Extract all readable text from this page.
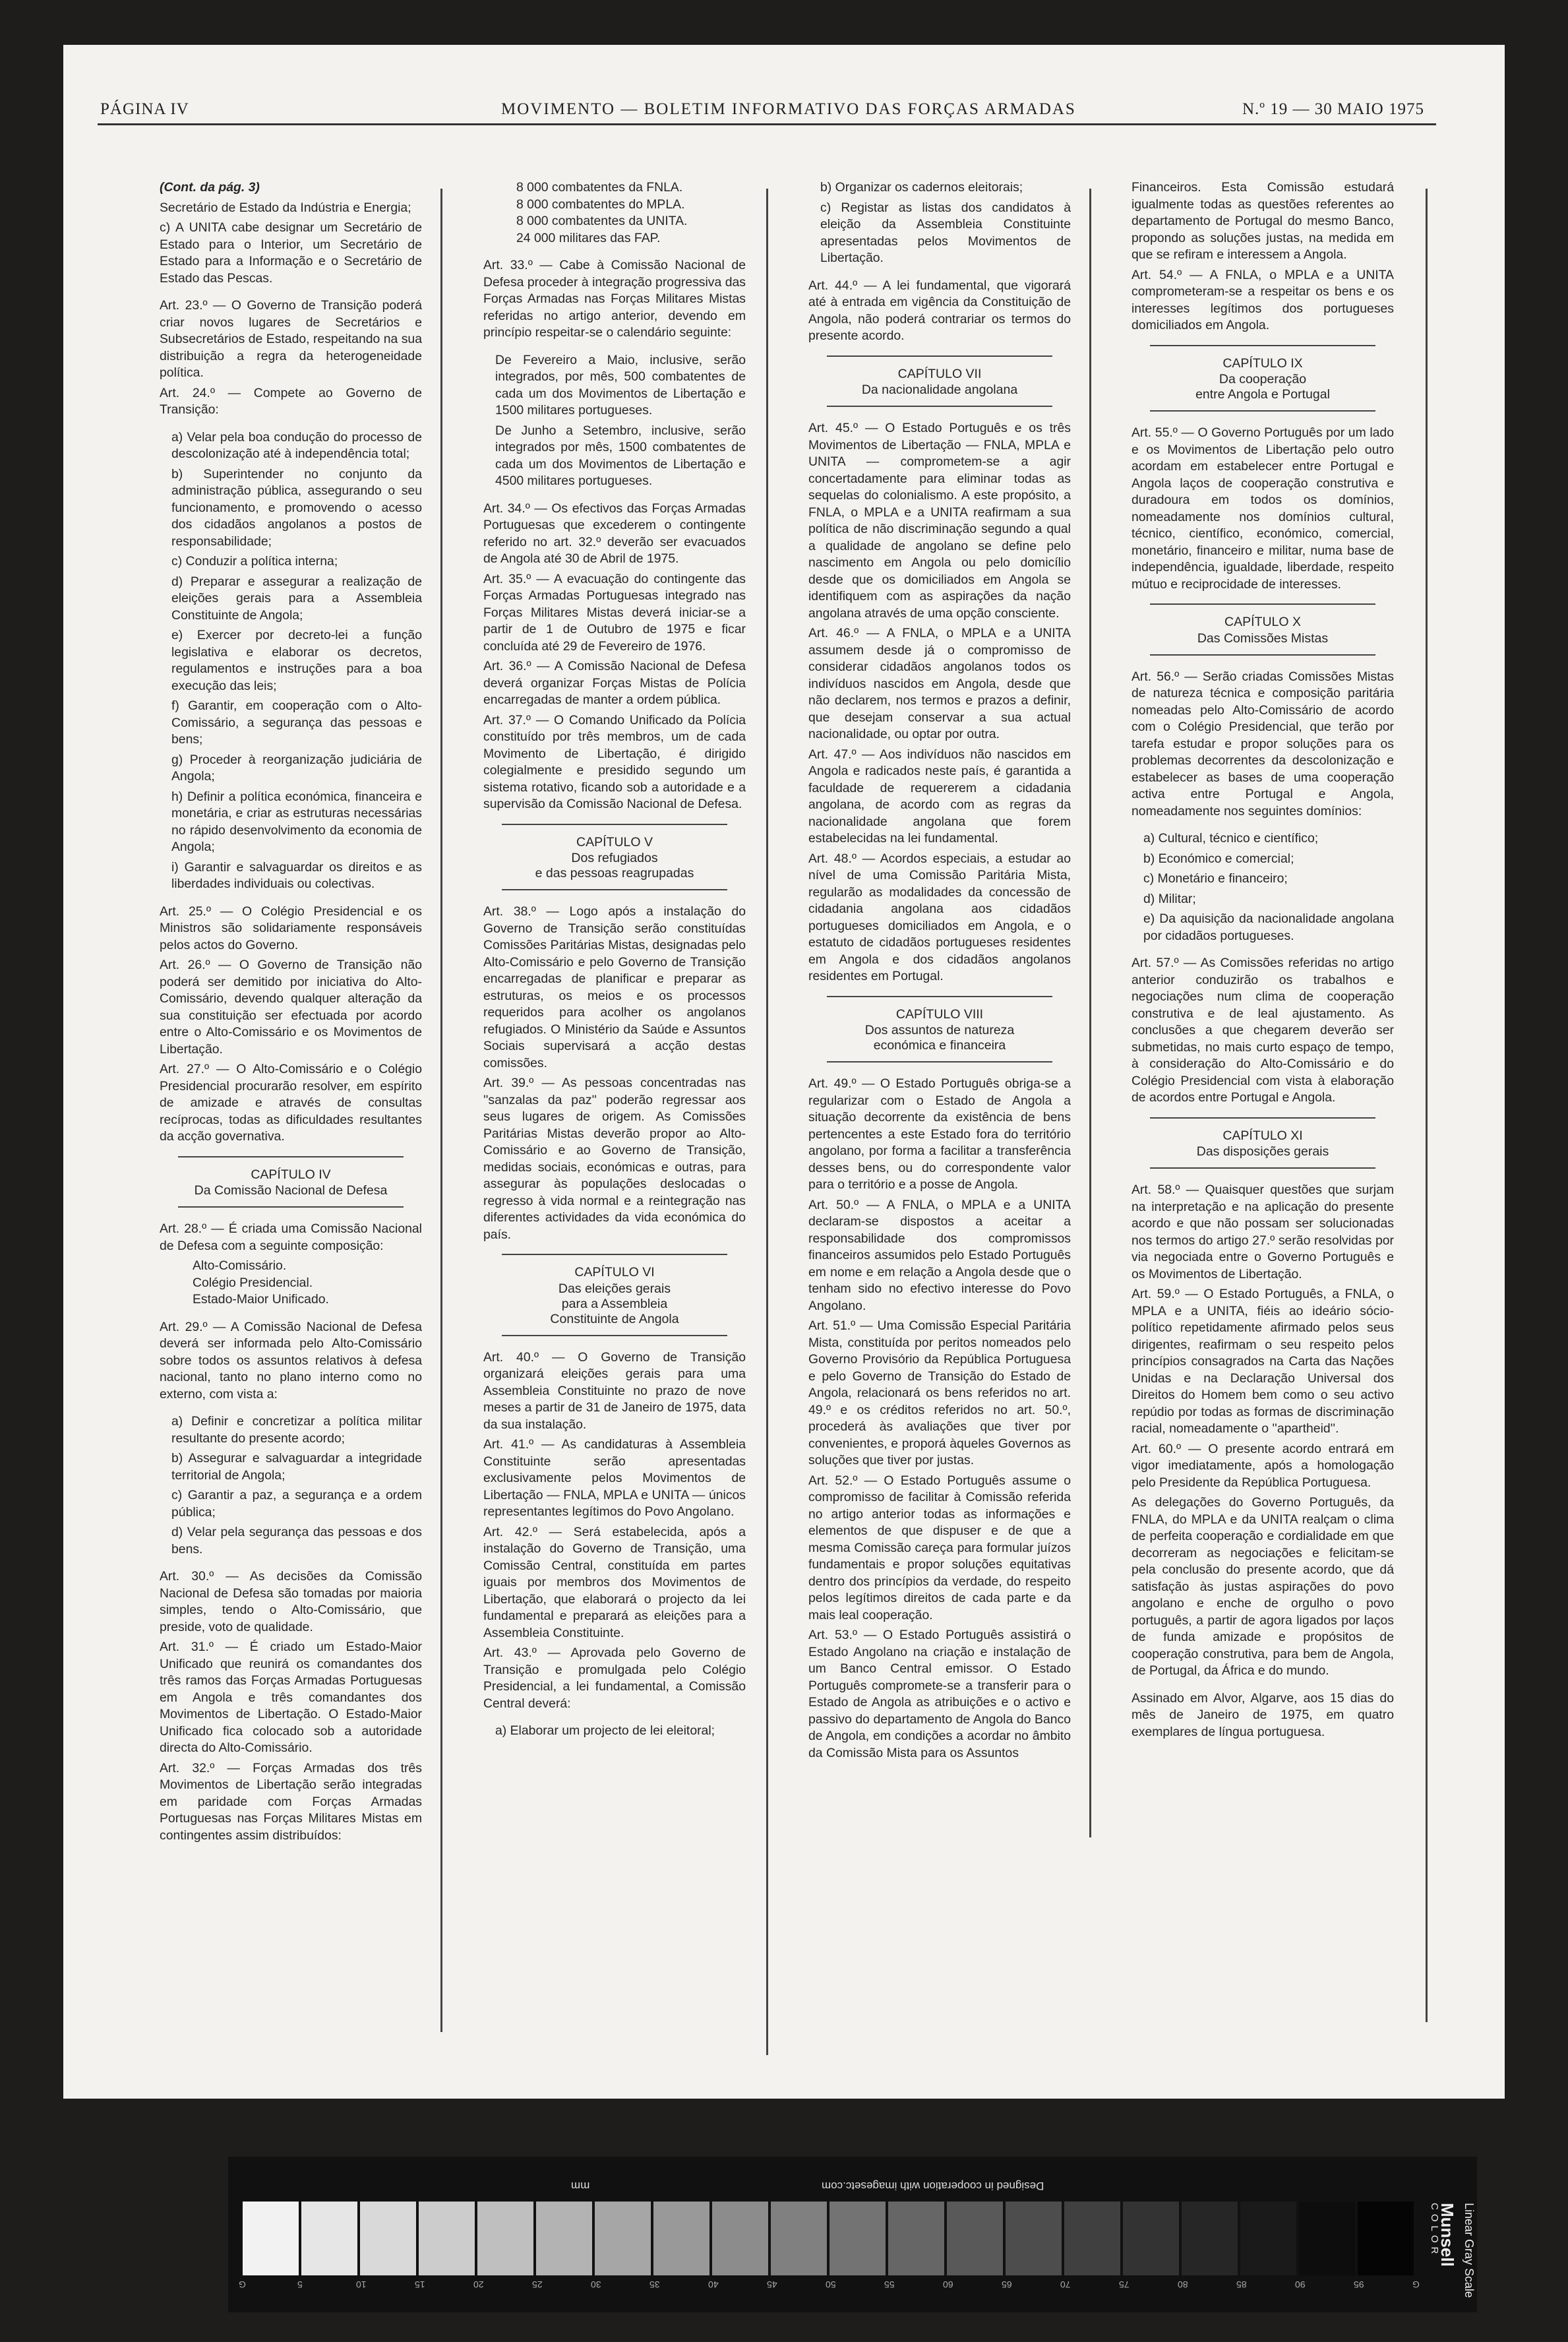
PÁGINA IV	MOVIMENTO — BOLETIM INFORMATIVO DAS FORÇAS ARMADAS	N.º 19 — 30 MAIO 1975

(Cont. da pág. 3)

Secretário de Estado da Indústria e Energia;

c) A UNITA cabe designar um Secretário de Estado para o Interior, um Secretário de Estado para a Informação e o Secretário de Estado das Pescas.

Art. 23.º — O Governo de Transição poderá criar novos lugares de Secretários e Subsecretários de Estado, respeitando na sua distribuição a regra da heterogeneidade política.

Art. 24.º — Compete ao Governo de Transição:

a) Velar pela boa condução do processo de descolonização até à independência total;

b) Superintender no conjunto da administração pública, assegurando o seu funcionamento, e promovendo o acesso dos cidadãos angolanos a postos de responsabilidade;

c) Conduzir a política interna;

d) Preparar e assegurar a realização de eleições gerais para a Assembleia Constituinte de Angola;

e) Exercer por decreto-lei a função legislativa e elaborar os decretos, regulamentos e instruções para a boa execução das leis;

f) Garantir, em cooperação com o Alto-Comissário, a segurança das pessoas e bens;

g) Proceder à reorganização judiciária de Angola;

h) Definir a política económica, financeira e monetária, e criar as estruturas necessárias no rápido desenvolvimento da economia de Angola;

i) Garantir e salvaguardar os direitos e as liberdades individuais ou colectivas.

Art. 25.º — O Colégio Presidencial e os Ministros são solidariamente responsáveis pelos actos do Governo.

Art. 26.º — O Governo de Transição não poderá ser demitido por iniciativa do Alto-Comissário, devendo qualquer alteração da sua constituição ser efectuada por acordo entre o Alto-Comissário e os Movimentos de Libertação.

Art. 27.º — O Alto-Comissário e o Colégio Presidencial procurarão resolver, em espírito de amizade e através de consultas recíprocas, todas as dificuldades resultantes da acção governativa.

CAPÍTULO IV
Da Comissão Nacional de Defesa

Art. 28.º — É criada uma Comissão Nacional de Defesa com a seguinte composição:

Alto-Comissário.

Colégio Presidencial.

Estado-Maior Unificado.

Art. 29.º — A Comissão Nacional de Defesa deverá ser informada pelo Alto-Comissário sobre todos os assuntos relativos à defesa nacional, tanto no plano interno como no externo, com vista a:

a) Definir e concretizar a política militar resultante do presente acordo;

b) Assegurar e salvaguardar a integridade territorial de Angola;

c) Garantir a paz, a segurança e a ordem pública;

d) Velar pela segurança das pessoas e dos bens.

Art. 30.º — As decisões da Comissão Nacional de Defesa são tomadas por maioria simples, tendo o Alto-Comissário, que preside, voto de qualidade.

Art. 31.º — É criado um Estado-Maior Unificado que reunirá os comandantes dos três ramos das Forças Armadas Portuguesas em Angola e três comandantes dos Movimentos de Libertação. O Estado-Maior Unificado fica colocado sob a autoridade directa do Alto-Comissário.

Art. 32.º — Forças Armadas dos três Movimentos de Libertação serão integradas em paridade com Forças Armadas Portuguesas nas Forças Militares Mistas em contingentes assim distribuídos:

8 000 combatentes da FNLA.

8 000 combatentes do MPLA.

8 000 combatentes da UNITA.

24 000 militares das FAP.

Art. 33.º — Cabe à Comissão Nacional de Defesa proceder à integração progressiva das Forças Armadas nas Forças Militares Mistas referidas no artigo anterior, devendo em princípio respeitar-se o calendário seguinte:

De Fevereiro a Maio, inclusive, serão integrados, por mês, 500 combatentes de cada um dos Movimentos de Libertação e 1500 militares portugueses.

De Junho a Setembro, inclusive, serão integrados por mês, 1500 combatentes de cada um dos Movimentos de Libertação e 4500 militares portugueses.

Art. 34.º — Os efectivos das Forças Armadas Portuguesas que excederem o contingente referido no art. 32.º deverão ser evacuados de Angola até 30 de Abril de 1975.

Art. 35.º — A evacuação do contingente das Forças Armadas Portuguesas integrado nas Forças Militares Mistas deverá iniciar-se a partir de 1 de Outubro de 1975 e ficar concluída até 29 de Fevereiro de 1976.

Art. 36.º — A Comissão Nacional de Defesa deverá organizar Forças Mistas de Polícia encarregadas de manter a ordem pública.

Art. 37.º — O Comando Unificado da Polícia constituído por três membros, um de cada Movimento de Libertação, é dirigido colegialmente e presidido segundo um sistema rotativo, ficando sob a autoridade e a supervisão da Comissão Nacional de Defesa.

CAPÍTULO V
Dos refugiados
e das pessoas reagrupadas

Art. 38.º — Logo após a instalação do Governo de Transição serão constituídas Comissões Paritárias Mistas, designadas pelo Alto-Comissário e pelo Governo de Transição encarregadas de planificar e preparar as estruturas, os meios e os processos requeridos para acolher os angolanos refugiados. O Ministério da Saúde e Assuntos Sociais supervisará a acção destas comissões.

Art. 39.º — As pessoas concentradas nas ''sanzalas da paz'' poderão regressar aos seus lugares de origem. As Comissões Paritárias Mistas deverão propor ao Alto-Comissário e ao Governo de Transição, medidas sociais, económicas e outras, para assegurar às populações deslocadas o regresso à vida normal e a reintegração nas diferentes actividades da vida económica do país.

CAPÍTULO VI
Das eleições gerais
para a Assembleia
Constituinte de Angola

Art. 40.º — O Governo de Transição organizará eleições gerais para uma Assembleia Constituinte no prazo de nove meses a partir de 31 de Janeiro de 1975, data da sua instalação.

Art. 41.º — As candidaturas à Assembleia Constituinte serão apresentadas exclusivamente pelos Movimentos de Libertação — FNLA, MPLA e UNITA — únicos representantes legítimos do Povo Angolano.

Art. 42.º — Será estabelecida, após a instalação do Governo de Transição, uma Comissão Central, constituída em partes iguais por membros dos Movimentos de Libertação, que elaborará o projecto da lei fundamental e preparará as eleições para a Assembleia Constituinte.

Art. 43.º — Aprovada pelo Governo de Transição e promulgada pelo Colégio Presidencial, a lei fundamental, a Comissão Central deverá:

a) Elaborar um projecto de lei eleitoral;

b) Organizar os cadernos eleitorais;

c) Registar as listas dos candidatos à eleição da Assembleia Constituinte apresentadas pelos Movimentos de Libertação.

Art. 44.º — A lei fundamental, que vigorará até à entrada em vigência da Constituição de Angola, não poderá contrariar os termos do presente acordo.

CAPÍTULO VII
Da nacionalidade angolana

Art. 45.º — O Estado Português e os três Movimentos de Libertação — FNLA, MPLA e UNITA — comprometem-se a agir concertadamente para eliminar todas as sequelas do colonialismo. A este propósito, a FNLA, o MPLA e a UNITA reafirmam a sua política de não discriminação segundo a qual a qualidade de angolano se define pelo nascimento em Angola ou pelo domicílio desde que os domiciliados em Angola se identifiquem com as aspirações da nação angolana através de uma opção consciente.

Art. 46.º — A FNLA, o MPLA e a UNITA assumem desde já o compromisso de considerar cidadãos angolanos todos os indivíduos nascidos em Angola, desde que não declarem, nos termos e prazos a definir, que desejam conservar a sua actual nacionalidade, ou optar por outra.

Art. 47.º — Aos indivíduos não nascidos em Angola e radicados neste país, é garantida a faculdade de requererem a cidadania angolana, de acordo com as regras da nacionalidade angolana que forem estabelecidas na lei fundamental.

Art. 48.º — Acordos especiais, a estudar ao nível de uma Comissão Paritária Mista, regularão as modalidades da concessão de cidadania angolana aos cidadãos portugueses domiciliados em Angola, e o estatuto de cidadãos portugueses residentes em Angola e dos cidadãos angolanos residentes em Portugal.

CAPÍTULO VIII
Dos assuntos de natureza
económica e financeira

Art. 49.º — O Estado Português obriga-se a regularizar com o Estado de Angola a situação decorrente da existência de bens pertencentes a este Estado fora do território angolano, por forma a facilitar a transferência desses bens, ou do correspondente valor para o território e a posse de Angola.

Art. 50.º — A FNLA, o MPLA e a UNITA declaram-se dispostos a aceitar a responsabilidade dos compromissos financeiros assumidos pelo Estado Português em nome e em relação a Angola desde que o tenham sido no efectivo interesse do Povo Angolano.

Art. 51.º — Uma Comissão Especial Paritária Mista, constituída por peritos nomeados pelo Governo Provisório da República Portuguesa e pelo Governo de Transição do Estado de Angola, relacionará os bens referidos no art. 49.º e os créditos referidos no art. 50.º, procederá às avaliações que tiver por convenientes, e proporá àqueles Governos as soluções que tiver por justas.

Art. 52.º — O Estado Português assume o compromisso de facilitar à Comissão referida no artigo anterior todas as informações e elementos de que dispuser e de que a mesma Comissão careça para formular juízos fundamentais e propor soluções equitativas dentro dos princípios da verdade, do respeito pelos legítimos direitos de cada parte e da mais leal cooperação.

Art. 53.º — O Estado Português assistirá o Estado Angolano na criação e instalação de um Banco Central emissor. O Estado Português compromete-se a transferir para o Estado de Angola as atribuições e o activo e passivo do departamento de Angola do Banco de Angola, em condições a acordar no âmbito da Comissão Mista para os Assuntos

Financeiros. Esta Comissão estudará igualmente todas as questões referentes ao departamento de Portugal do mesmo Banco, propondo as soluções justas, na medida em que se refiram e interessem a Angola.

Art. 54.º — A FNLA, o MPLA e a UNITA comprometeram-se a respeitar os bens e os interesses legítimos dos portugueses domiciliados em Angola.

CAPÍTULO IX
Da cooperação
entre Angola e Portugal

Art. 55.º — O Governo Português por um lado e os Movimentos de Libertação pelo outro acordam em estabelecer entre Portugal e Angola laços de cooperação construtiva e duradoura em todos os domínios, nomeadamente nos domínios cultural, técnico, científico, económico, comercial, monetário, financeiro e militar, numa base de independência, igualdade, liberdade, respeito mútuo e reciprocidade de interesses.

CAPÍTULO X
Das Comissões Mistas

Art. 56.º — Serão criadas Comissões Mistas de natureza técnica e composição paritária nomeadas pelo Alto-Comissário de acordo com o Colégio Presidencial, que terão por tarefa estudar e propor soluções para os problemas decorrentes da descolonização e estabelecer as bases de uma cooperação activa entre Portugal e Angola, nomeadamente nos seguintes domínios:

a) Cultural, técnico e científico;

b) Económico e comercial;

c) Monetário e financeiro;

d) Militar;

e) Da aquisição da nacionalidade angolana por cidadãos portugueses.

Art. 57.º — As Comissões referidas no artigo anterior conduzirão os trabalhos e negociações num clima de cooperação construtiva e de leal ajustamento. As conclusões a que chegarem deverão ser submetidas, no mais curto espaço de tempo, à consideração do Alto-Comissário e do Colégio Presidencial com vista à elaboração de acordos entre Portugal e Angola.

CAPÍTULO XI
Das disposições gerais

Art. 58.º — Quaisquer questões que surjam na interpretação e na aplicação do presente acordo e que não possam ser solucionadas nos termos do artigo 27.º serão resolvidas por via negociada entre o Governo Português e os Movimentos de Libertação.

Art. 59.º — O Estado Português, a FNLA, o MPLA e a UNITA, fiéis ao ideário sócio-político repetidamente afirmado pelos seus dirigentes, reafirmam o seu respeito pelos princípios consagrados na Carta das Nações Unidas e na Declaração Universal dos Direitos do Homem bem como o seu activo repúdio por todas as formas de discriminação racial, nomeadamente o ''apartheid''.

Art. 60.º — O presente acordo entrará em vigor imediatamente, após a homologação pelo Presidente da República Portuguesa.

As delegações do Governo Português, da FNLA, do MPLA e da UNITA realçam o clima de perfeita cooperação e cordialidade em que decorreram as negociações e felicitam-se pela conclusão do presente acordo, que dá satisfação às justas aspirações do povo angolano e enche de orgulho o povo português, a partir de agora ligados por laços de funda amizade e propósitos de cooperação construtiva, para bem de Angola, de Portugal, da África e do mundo.

Assinado em Alvor, Algarve, aos 15 dias do mês de Janeiro de 1975, em quatro exemplares de língua portuguesa.

Designed in cooperation with imagesetc.com
mm
Munsell
COLOR Linear Gray Scale
G	5	10	15	20	25	30	35	40	45	50	55	60	65	70	75	80	85	90	95	G
